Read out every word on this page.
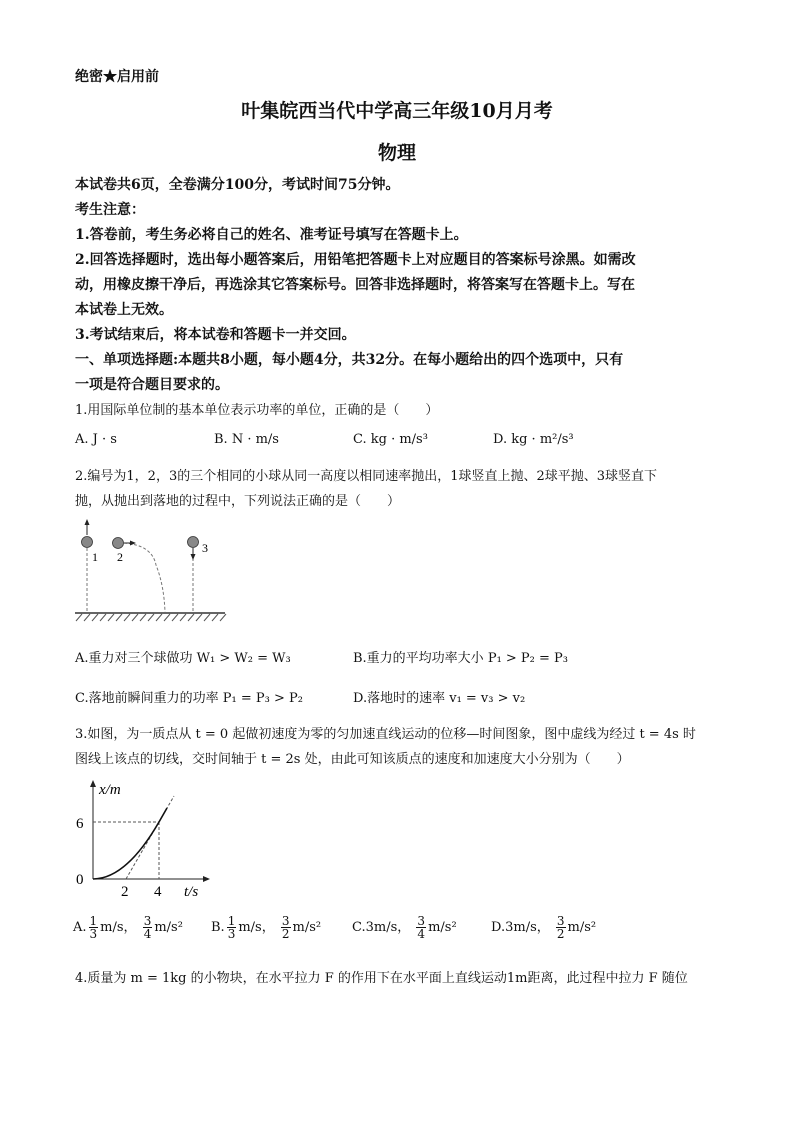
绝密★启用前
叶集皖西当代中学高三年级10月月考
物理
本试卷共6页，全卷满分100分，考试时间75分钟。
考生注意：
1.答卷前，考生务必将自己的姓名、准考证号填写在答题卡上。
2.回答选择题时，选出每小题答案后，用铅笔把答题卡上对应题目的答案标号涂黑。如需改
动，用橡皮擦干净后，再选涂其它答案标号。回答非选择题时，将答案写在答题卡上。写在
本试卷上无效。
3.考试结束后，将本试卷和答题卡一并交回。
一、单项选择题:本题共8小题，每小题4分，共32分。在每小题给出的四个选项中，只有
一项是符合题目要求的。
1.用国际单位制的基本单位表示功率的单位，正确的是（　　）
A. J · s	B. N · m/s	C. kg · m/s³	D. kg · m²/s³
2.编号为1，2，3的三个相同的小球从同一高度以相同速率抛出，1球竖直上抛、2球平抛、3球竖直下
抛，从抛出到落地的过程中，下列说法正确的是（　　）
1 2
3
A.重力对三个球做功 W₁ > W₂ = W₃	B.重力的平均功率大小 P₁ > P₂ = P₃
C.落地前瞬间重力的功率 P₁ = P₃ > P₂	D.落地时的速率 v₁ = v₃ > v₂
3.如图，为一质点从 t = 0 起做初速度为零的匀加速直线运动的位移—时间图象，图中虚线为经过 t = 4s 时
图线上该点的切线，交时间轴于 t = 2s 处，由此可知该质点的速度和加速度大小分别为（　　）
x/m
6
0
2 4 t/s
A. $\frac{1}{3} m/s$， $\frac{3}{4} m/s^2$ B. $\frac{1}{3} m/s$， $\frac{3}{2} m/s^2$ C.3m/s， $\frac{3}{4} m/s^2$	D.3m/s， $\frac{3}{2} m/s^2$
4.质量为 m = 1kg 的小物块，在水平拉力 F 的作用下在水平面上直线运动1m距离，此过程中拉力 F 随位
